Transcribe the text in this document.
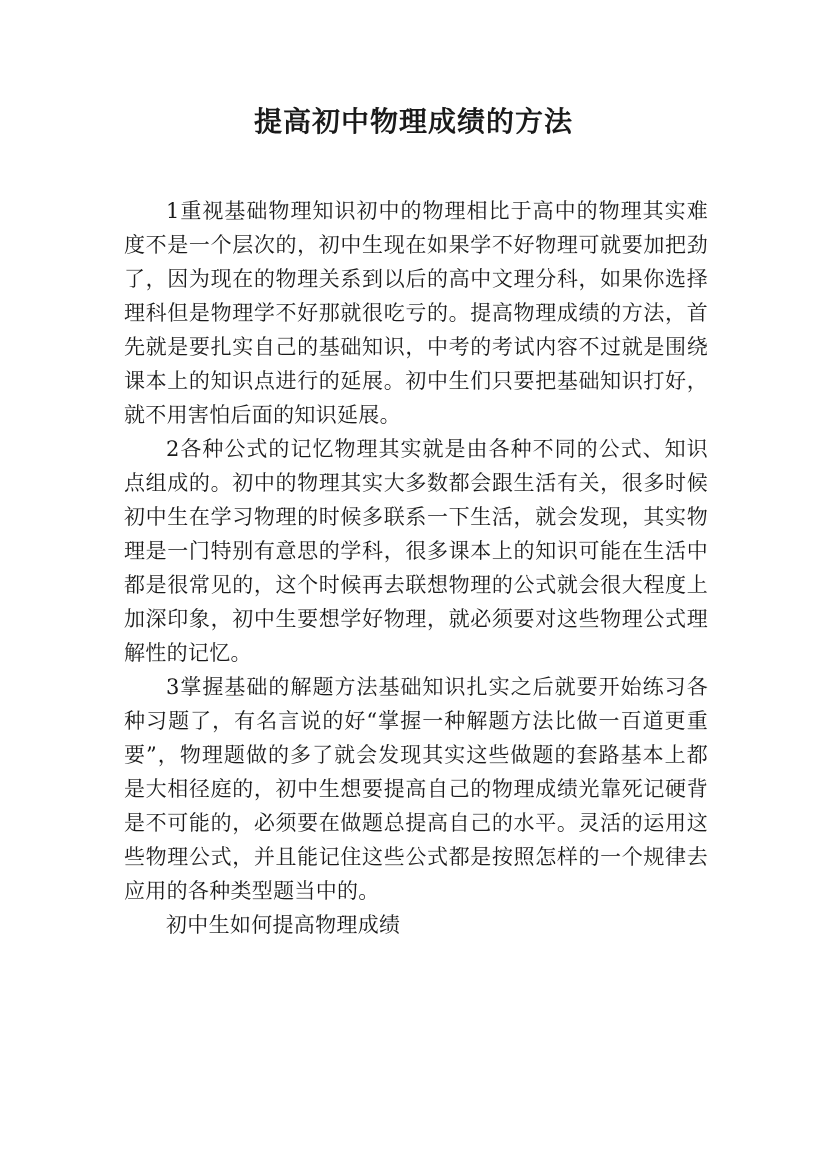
提高初中物理成绩的方法

1重视基础物理知识初中的物理相比于高中的物理其实难度不是一个层次的，初中生现在如果学不好物理可就要加把劲了，因为现在的物理关系到以后的高中文理分科，如果你选择理科但是物理学不好那就很吃亏的。提高物理成绩的方法，首先就是要扎实自己的基础知识，中考的考试内容不过就是围绕课本上的知识点进行的延展。初中生们只要把基础知识打好，就不用害怕后面的知识延展。

2各种公式的记忆物理其实就是由各种不同的公式、知识点组成的。初中的物理其实大多数都会跟生活有关，很多时候初中生在学习物理的时候多联系一下生活，就会发现，其实物理是一门特别有意思的学科，很多课本上的知识可能在生活中都是很常见的，这个时候再去联想物理的公式就会很大程度上加深印象，初中生要想学好物理，就必须要对这些物理公式理解性的记忆。

3掌握基础的解题方法基础知识扎实之后就要开始练习各种习题了，有名言说的好“掌握一种解题方法比做一百道更重要”，物理题做的多了就会发现其实这些做题的套路基本上都是大相径庭的，初中生想要提高自己的物理成绩光靠死记硬背是不可能的，必须要在做题总提高自己的水平。灵活的运用这些物理公式，并且能记住这些公式都是按照怎样的一个规律去应用的各种类型题当中的。

初中生如何提高物理成绩
